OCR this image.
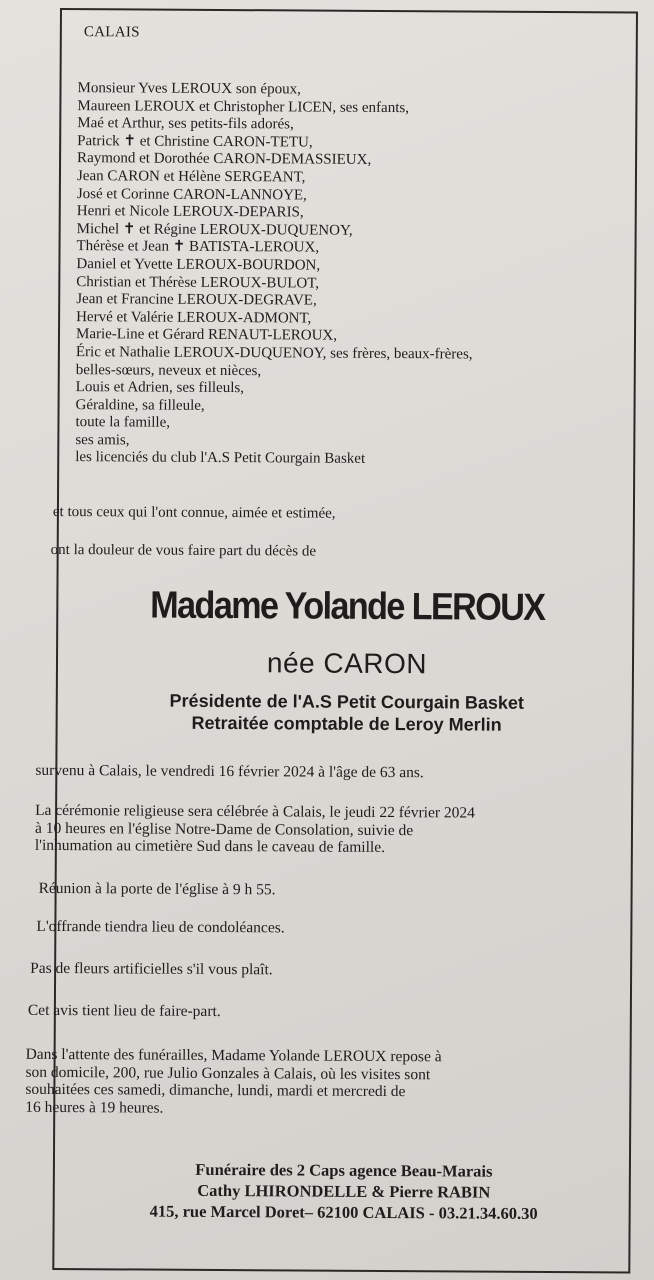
CALAIS
Monsieur Yves LEROUX son époux,
Maureen LEROUX et Christopher LICEN, ses enfants,
Maé et Arthur, ses petits-fils adorés,
Patrick ✝ et Christine CARON-TETU,
Raymond et Dorothée CARON-DEMASSIEUX,
Jean CARON et Hélène SERGEANT,
José et Corinne CARON-LANNOYE,
Henri et Nicole LEROUX-DEPARIS,
Michel ✝ et Régine LEROUX-DUQUENOY,
Thérèse et Jean ✝ BATISTA-LEROUX,
Daniel et Yvette LEROUX-BOURDON,
Christian et Thérèse LEROUX-BULOT,
Jean et Francine LEROUX-DEGRAVE,
Hervé et Valérie LEROUX-ADMONT,
Marie-Line et Gérard RENAUT-LEROUX,
Éric et Nathalie LEROUX-DUQUENOY, ses frères, beaux-frères,
belles-sœurs, neveux et nièces,
Louis et Adrien, ses filleuls,
Géraldine, sa filleule,
toute la famille,
ses amis,
les licenciés du club l'A.S Petit Courgain Basket
et tous ceux qui l'ont connue, aimée et estimée,
ont la douleur de vous faire part du décès de
Madame Yolande LEROUX
née CARON
Présidente de l'A.S Petit Courgain Basket
Retraitée comptable de Leroy Merlin
survenu à Calais, le vendredi 16 février 2024 à l'âge de 63 ans.
La cérémonie religieuse sera célébrée à Calais, le jeudi 22 février 2024
à 10 heures en l'église Notre-Dame de Consolation, suivie de
l'inhumation au cimetière Sud dans le caveau de famille.
Réunion à la porte de l'église à 9 h 55.
L'offrande tiendra lieu de condoléances.
Pas de fleurs artificielles s'il vous plaît.
Cet avis tient lieu de faire-part.
Dans l'attente des funérailles, Madame Yolande LEROUX repose à
son domicile, 200, rue Julio Gonzales à Calais, où les visites sont
souhaitées ces samedi, dimanche, lundi, mardi et mercredi de
16 heures à 19 heures.
Funéraire des 2 Caps agence Beau-Marais
Cathy LHIRONDELLE & Pierre RABIN
415, rue Marcel Doret– 62100 CALAIS - 03.21.34.60.30
